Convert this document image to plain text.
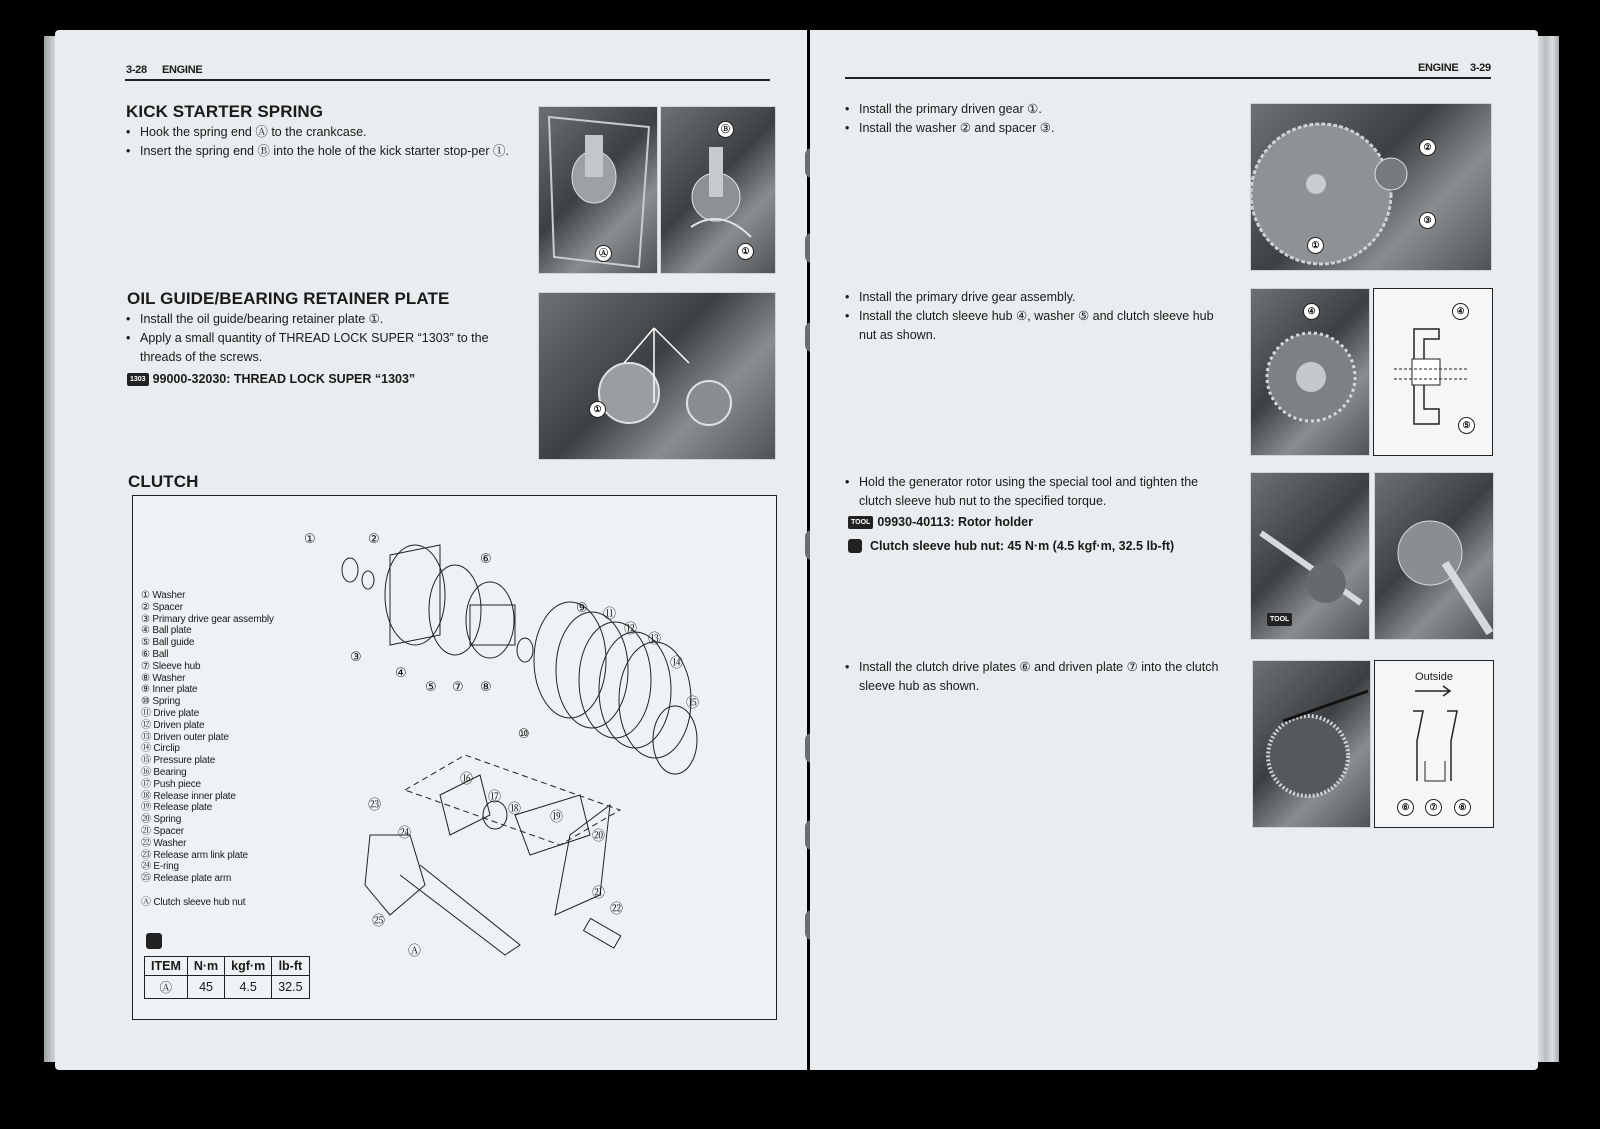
3-28 ENGINE
KICK STARTER SPRING
• Hook the spring end Ⓐ to the crankcase.
• Insert the spring end Ⓑ into the hole of the kick starter stop-per ①.
Ⓐ
Ⓑ
①
OIL GUIDE/BEARING RETAINER PLATE
• Install the oil guide/bearing retainer plate ①.
• Apply a small quantity of THREAD LOCK SUPER “1303” to the threads of the screws.
1303 99000-32030: THREAD LOCK SUPER “1303”
①
CLUTCH
① Washer
② Spacer
③ Primary drive gear assembly
④ Ball plate
⑤ Ball guide
⑥ Ball
⑦ Sleeve hub
⑧ Washer
⑨ Inner plate
⑩ Spring
⑪ Drive plate
⑫ Driven plate
⑬ Driven outer plate
⑭ Circlip
⑮ Pressure plate
⑯ Bearing
⑰ Push piece
⑱ Release inner plate
⑲ Release plate
⑳ Spring
㉑ Spacer
㉒ Washer
㉓ Release arm link plate
㉔ E-ring
㉕ Release plate arm
Ⓐ Clutch sleeve hub nut
①	②
③
④
⑤
⑥
⑦ ⑧
⑨
⑩
⑪
⑫
⑬
⑭
⑮
⑯
⑰
⑱
⑲
⑳
㉑
㉒
㉓
㉔
㉕
Ⓐ
ITEM	N·m	kgf·m	lb-ft
Ⓐ	45	4.5	32.5
ENGINE 3-29
• Install the primary driven gear ①.
• Install the washer ② and spacer ③.
②
③
①
• Install the primary drive gear assembly.
• Install the clutch sleeve hub ④, washer ⑤ and clutch sleeve hub nut as shown.
④	④
⑤
• Hold the generator rotor using the special tool and tighten the clutch sleeve hub nut to the specified torque.
TOOL 09930-40113: Rotor holder
Clutch sleeve hub nut: 45 N·m (4.5 kgf·m, 32.5 lb-ft)
TOOL
• Install the clutch drive plates ⑥ and driven plate ⑦ into the clutch sleeve hub as shown.
Outside
⑥	⑦	⑥
